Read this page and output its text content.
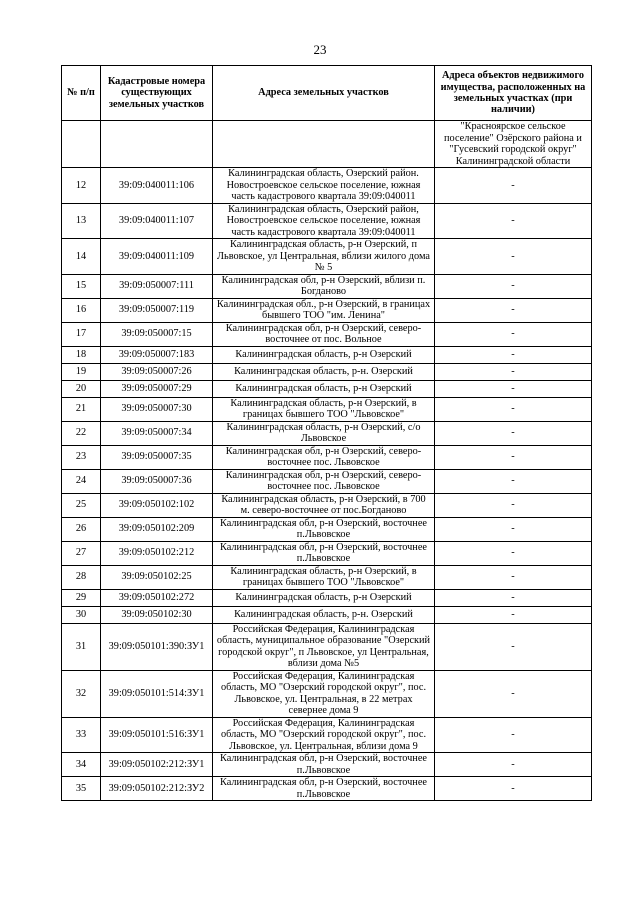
23
№ п/п	Кадастровые номера существующих земельных участков	Адреса земельных участков	Адреса объектов недвижимого имущества, расположенных на земельных участках (при наличии)
			"Красноярское сельское поселение" Озёрского района и "Гусевский городской округ" Калининградской области
12	39:09:040011:106	Калининградская область, Озерский район. Новостроевское сельское поселение, южная часть кадастрового квартала 39:09:040011	-
13	39:09:040011:107	Калининградская область, Озерский район, Новостроевское сельское поселение, южная часть кадастрового квартала 39:09:040011	-
14	39:09:040011:109	Калининградская область, р-н Озерский, п Львовское, ул Центральная, вблизи жилого дома № 5	-
15	39:09:050007:111	Калининградская обл, р-н Озерский, вблизи п. Богданово	-
16	39:09:050007:119	Калининградская обл., р-н Озерский, в границах бывшего ТОО "им. Ленина"	-
17	39:09:050007:15	Калининградская обл, р-н Озерский, северо-восточнее от пос. Вольное	-
18	39:09:050007:183	Калининградская область, р-н Озерский	-
19	39:09:050007:26	Калининградская область, р-н. Озерский	-
20	39:09:050007:29	Калининградская область, р-н Озерский	-
21	39:09:050007:30	Калининградская область, р-н Озерский, в границах бывшего ТОО "Львовское"	-
22	39:09:050007:34	Калининградская область, р-н Озерский, с/о Львовское	-
23	39:09:050007:35	Калининградская обл, р-н Озерский, северо-восточнее пос. Львовское	-
24	39:09:050007:36	Калининградская обл, р-н Озерский, северо-восточнее пос. Львовское	-
25	39:09:050102:102	Калининградская область, р-н Озерский, в 700 м. северо-восточнее от пос.Богданово	-
26	39:09:050102:209	Калининградская обл, р-н Озерский, восточнее п.Львовское	-
27	39:09:050102:212	Калининградская обл, р-н Озерский, восточнее п.Львовское	-
28	39:09:050102:25	Калининградская область, р-н Озерский, в границах бывшего ТОО "Львовское"	-
29	39:09:050102:272	Калининградская область, р-н Озерский	-
30	39:09:050102:30	Калининградская область, р-н. Озерский	-
31	39:09:050101:390:ЗУ1	Российская Федерация, Калининградская область, муниципальное образование "Озерский городской округ", п Львовское, ул Центральная, вблизи дома №5	-
32	39:09:050101:514:ЗУ1	Российская Федерация, Калининградская область, МО "Озерский городской округ", пос. Львовское, ул. Центральная, в 22 метрах севернее дома 9	-
33	39:09:050101:516:ЗУ1	Российская Федерация, Калининградская область, МО "Озерский городской округ", пос. Львовское, ул. Центральная, вблизи дома 9	-
34	39:09:050102:212:ЗУ1	Калининградская обл, р-н Озерский, восточнее п.Львовское	-
35	39:09:050102:212:ЗУ2	Калининградская обл, р-н Озерский, восточнее п.Львовское	-
